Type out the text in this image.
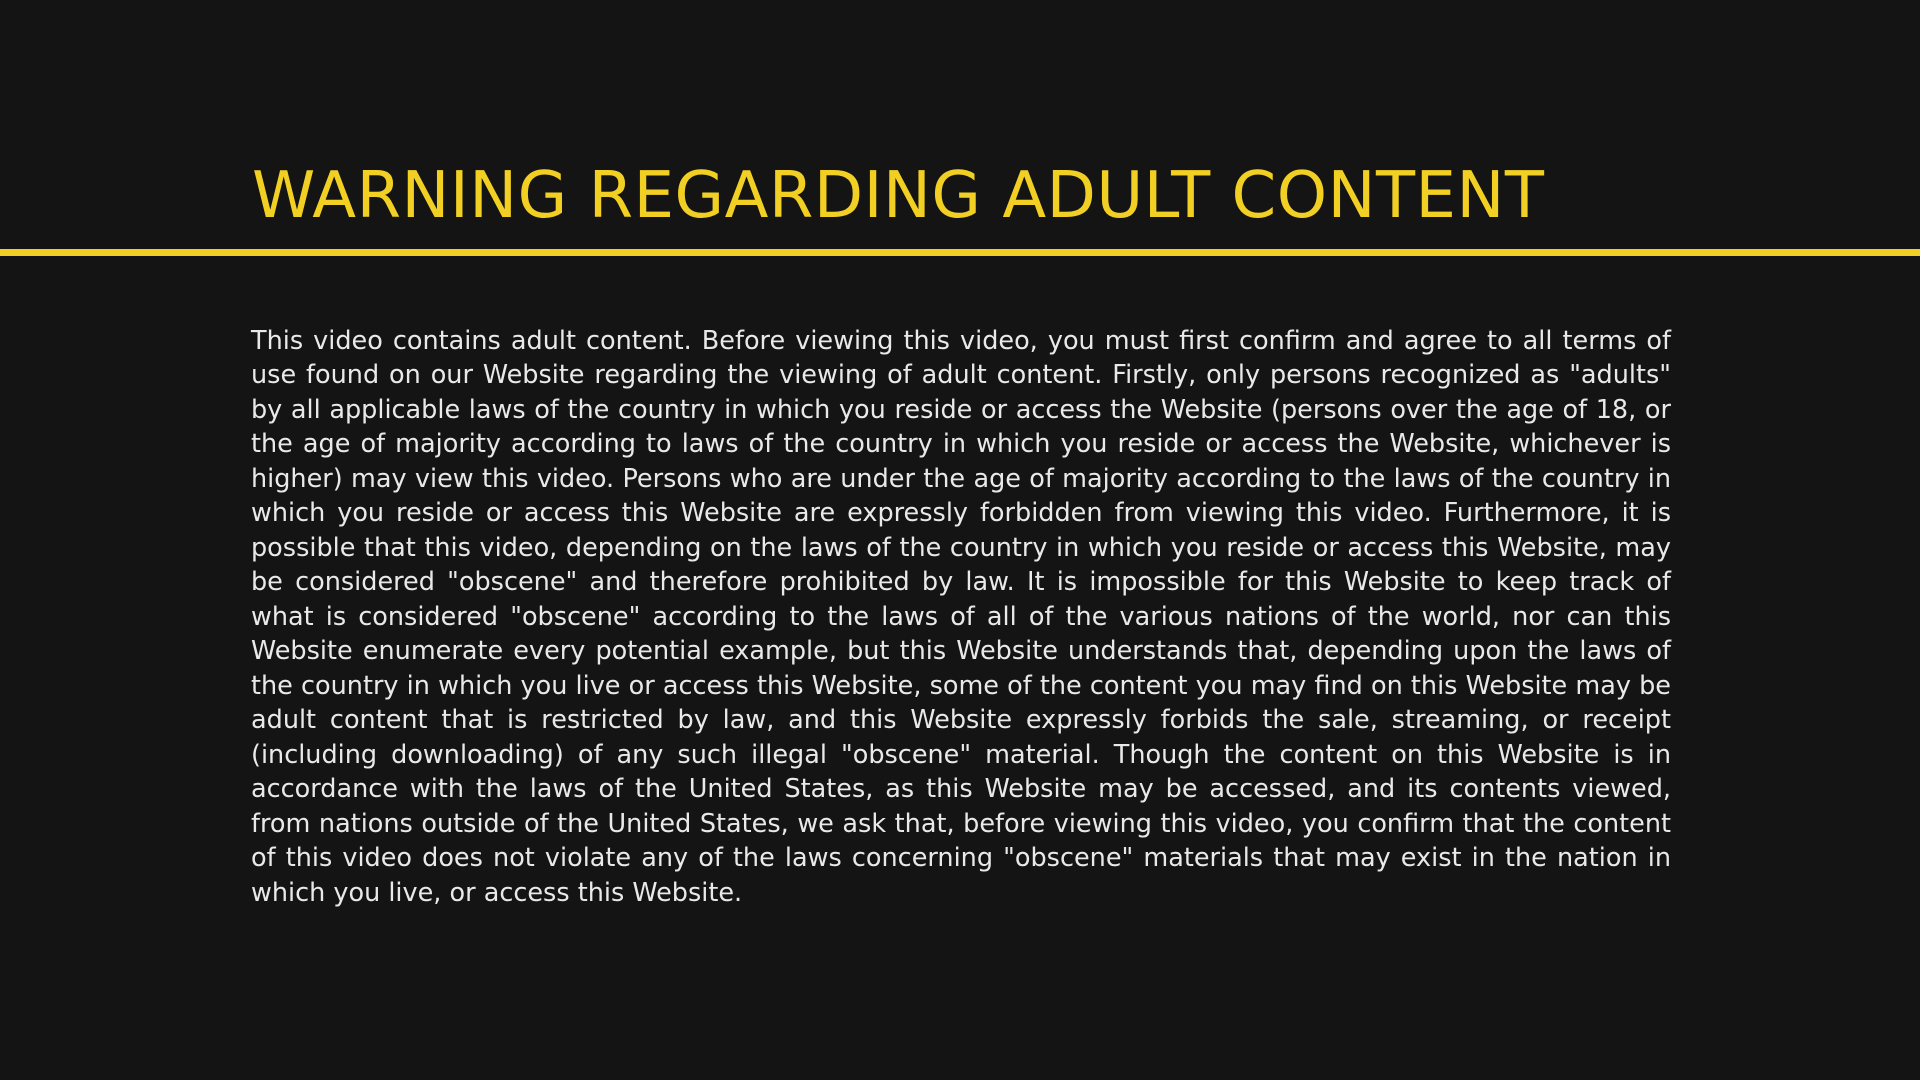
WARNING REGARDING ADULT CONTENT

This video contains adult content. Before viewing this video, you must first confirm and agree to all terms of use found on our Website regarding the viewing of adult content. Firstly, only persons recognized as "adults" by all applicable laws of the country in which you reside or access the Website (persons over the age of 18, or the age of majority according to laws of the country in which you reside or access the Website, whichever is higher) may view this video. Persons who are under the age of majority according to the laws of the country in which you reside or access this Website are expressly forbidden from viewing this video. Furthermore, it is possible that this video, depending on the laws of the country in which you reside or access this Website, may be considered "obscene" and therefore prohibited by law. It is impossible for this Website to keep track of what is considered "obscene" according to the laws of all of the various nations of the world, nor can this Website enumerate every potential example, but this Website understands that, depending upon the laws of the country in which you live or access this Website, some of the content you may find on this Website may be adult content that is restricted by law, and this Website expressly forbids the sale, streaming, or receipt (including downloading) of any such illegal "obscene" material. Though the content on this Website is in accordance with the laws of the United States, as this Website may be accessed, and its contents viewed, from nations outside of the United States, we ask that, before viewing this video, you confirm that the content of this video does not violate any of the laws concerning "obscene" materials that may exist in the nation in which you live, or access this Website.
